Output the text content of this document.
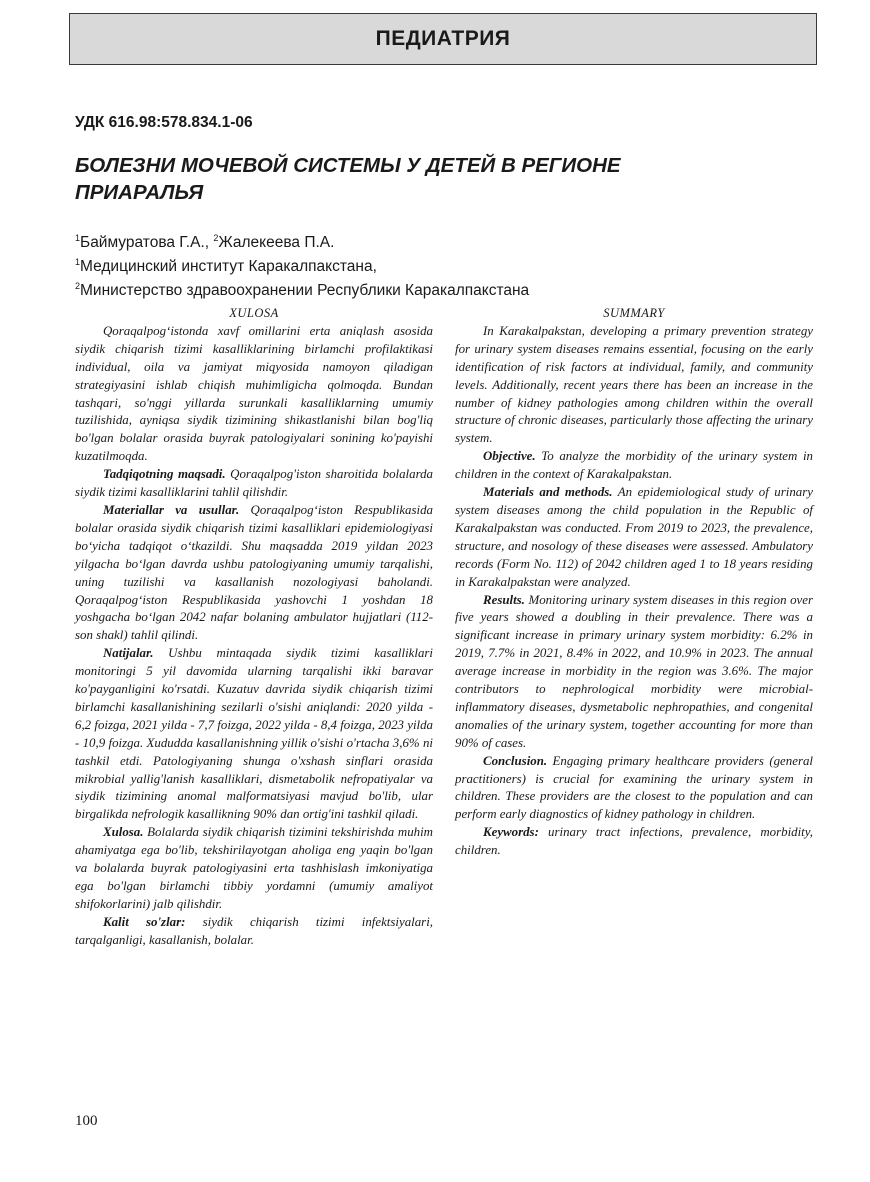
ПЕДИАТРИЯ
УДК 616.98:578.834.1-06
БОЛЕЗНИ МОЧЕВОЙ СИСТЕМЫ У ДЕТЕЙ В РЕГИОНЕ
ПРИАРАЛЬЯ
$^1$Баймуратова Г.А., $^2$Жалекеева П.А.
$^1$Медицинский институт Каракалпакстана,
$^2$Министерство здравоохранении Республики Каракалпакстана
XULOSA

Qoraqalpog‘istonda xavf omillarini erta aniqlash asosida siydik chiqarish tizimi kasalliklarining birlamchi profilaktikasi individual, oila va jamiyat miqyosida namoyon qiladigan strategiyasini ishlab chiqish muhimligicha qolmoqda. Bundan tashqari, so'nggi yillarda surunkali kasalliklarning umumiy tuzilishida, ayniqsa siydik tizimining shikastlanishi bilan bog'liq bo'lgan bolalar orasida buyrak patologiyalari sonining ko'payishi kuzatilmoqda.

Tadqiqotning maqsadi. Qoraqalpog'iston sharoitida bolalarda siydik tizimi kasalliklarini tahlil qilishdir.

Materiallar va usullar. Qoraqalpog‘iston Respublikasida bolalar orasida siydik chiqarish tizimi kasalliklari epidemiologiyasi bo‘yicha tadqiqot o‘tkazildi. Shu maqsadda 2019 yildan 2023 yilgacha bo‘lgan davrda ushbu patologiyaning umumiy tarqalishi, uning tuzilishi va kasallanish nozologiyasi baholandi. Qoraqalpog‘iston Respublikasida yashovchi 1 yoshdan 18 yoshgacha bo‘lgan 2042 nafar bolaning ambulator hujjatlari (112-son shakl) tahlil qilindi.

Natijalar. Ushbu mintaqada siydik tizimi kasalliklari monitoringi 5 yil davomida ularning tarqalishi ikki baravar ko'payganligini ko'rsatdi. Kuzatuv davrida siydik chiqarish tizimi birlamchi kasallanishining sezilarli o'sishi aniqlandi: 2020 yilda - 6,2 foizga, 2021 yilda - 7,7 foizga, 2022 yilda - 8,4 foizga, 2023 yilda - 10,9 foizga. Xududda kasallanishning yillik o'sishi o'rtacha 3,6% ni tashkil etdi. Patologiyaning shunga o'xshash sinflari orasida mikrobial yallig'lanish kasalliklari, dismetabolik nefropatiyalar va siydik tizimining anomal malformatsiyasi mavjud bo'lib, ular birgalikda nefrologik kasallikning 90% dan ortig'ini tashkil qiladi.

Xulosa. Bolalarda siydik chiqarish tizimini tekshirishda muhim ahamiyatga ega bo'lib, tekshirilayotgan aholiga eng yaqin bo'lgan va bolalarda buyrak patologiyasini erta tashhislash imkoniyatiga ega bo'lgan birlamchi tibbiy yordamni (umumiy amaliyot shifokorlarini) jalb qilishdir.

Kalit so'zlar: siydik chiqarish tizimi infektsiyalari, tarqalganligi, kasallanish, bolalar.

SUMMARY

In Karakalpakstan, developing a primary prevention strategy for urinary system diseases remains essential, focusing on the early identification of risk factors at individual, family, and community levels. Additionally, recent years there has been an increase in the number of kidney pathologies among children within the overall structure of chronic diseases, particularly those affecting the urinary system.

Objective. To analyze the morbidity of the urinary system in children in the context of Karakalpakstan.

Materials and methods. An epidemiological study of urinary system diseases among the child population in the Republic of Karakalpakstan was conducted. From 2019 to 2023, the prevalence, structure, and nosology of these diseases were assessed. Ambulatory records (Form No. 112) of 2042 children aged 1 to 18 years residing in Karakalpakstan were analyzed.

Results. Monitoring urinary system diseases in this region over five years showed a doubling in their prevalence. There was a significant increase in primary urinary system morbidity: 6.2% in 2019, 7.7% in 2021, 8.4% in 2022, and 10.9% in 2023. The annual average increase in morbidity in the region was 3.6%. The major contributors to nephrological morbidity were microbial-inflammatory diseases, dysmetabolic nephropathies, and congenital anomalies of the urinary system, together accounting for more than 90% of cases.

Conclusion. Engaging primary healthcare providers (general practitioners) is crucial for examining the urinary system in children. These providers are the closest to the population and can perform early diagnostics of kidney pathology in children.

Keywords: urinary tract infections, prevalence, morbidity, children.

100
